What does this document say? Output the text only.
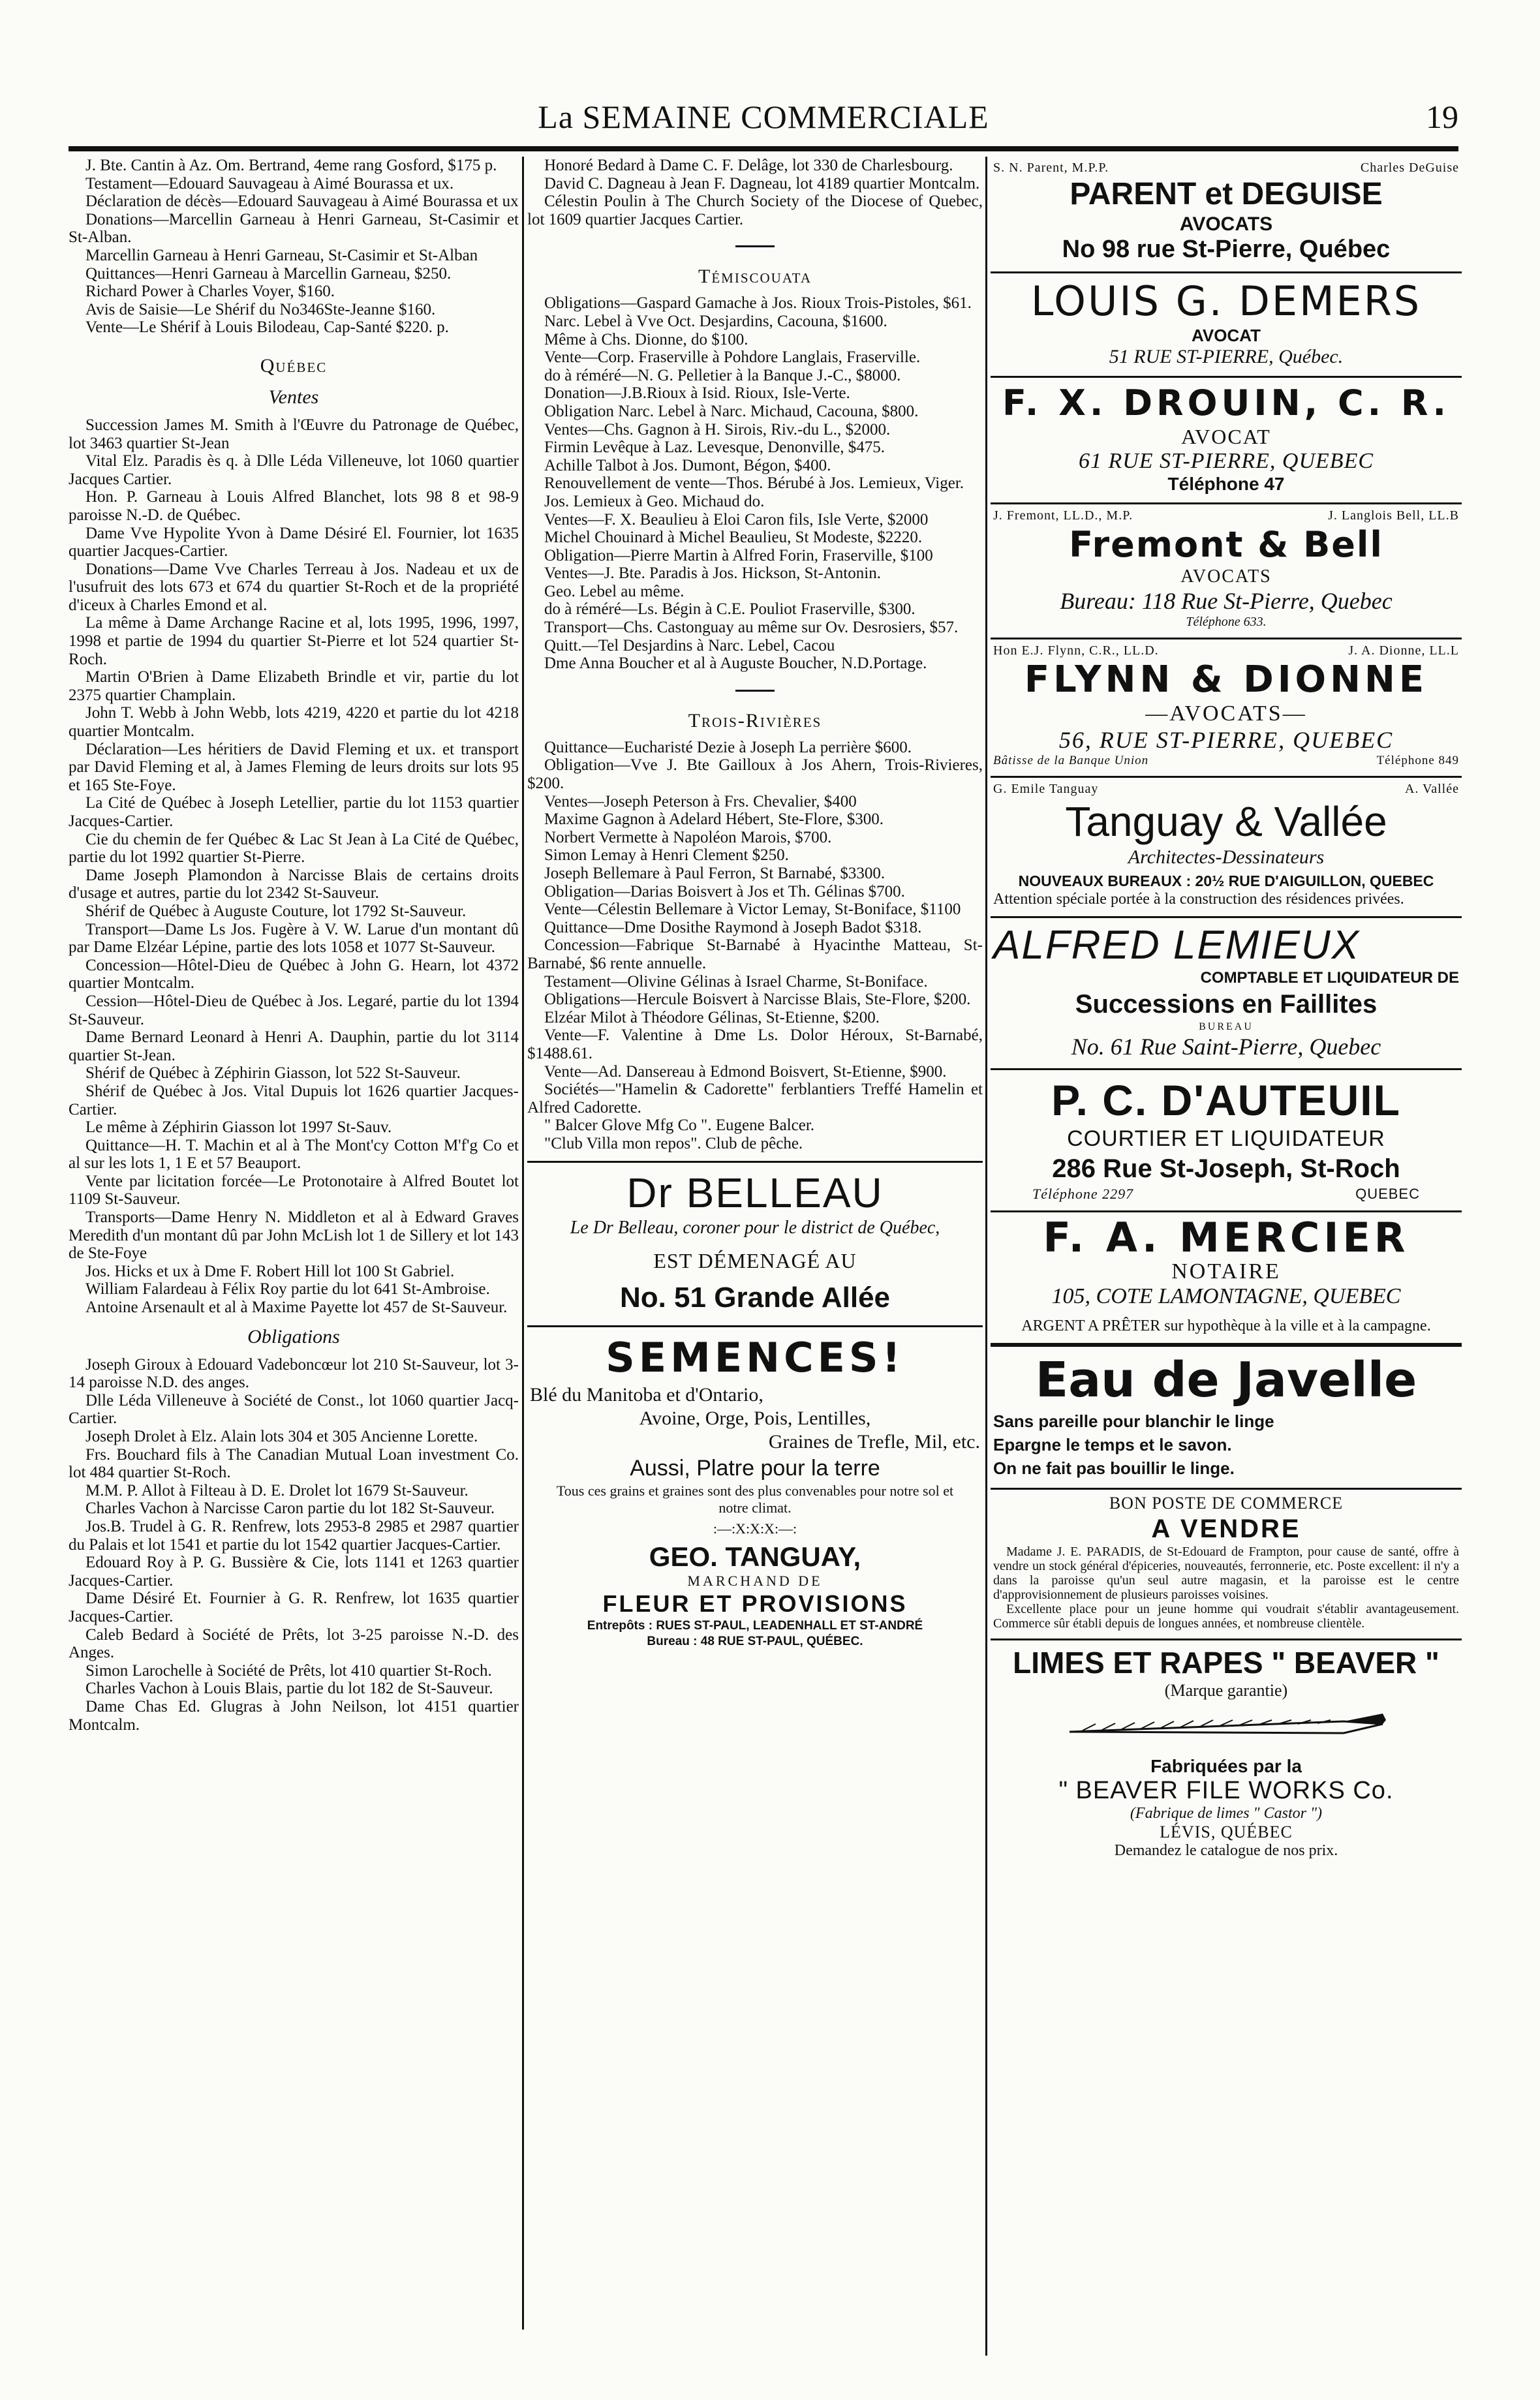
La SEMAINE COMMERCIALE	19

J. Bte. Cantin à Az. Om. Bertrand, 4eme rang Gosford, $175 p.

Testament—Edouard Sauvageau à Aimé Bourassa et ux.

Déclaration de décès—Edouard Sauvageau à Aimé Bourassa et ux

Donations—Marcellin Garneau à Henri Garneau, St-Casimir et St-Alban.

Marcellin Garneau à Henri Garneau, St-Casimir et St-Alban

Quittances—Henri Garneau à Marcellin Garneau, $250.

Richard Power à Charles Voyer, $160.

Avis de Saisie—Le Shérif du No346Ste-Jeanne $160.

Vente—Le Shérif à Louis Bilodeau, Cap-Santé $220. p.

Québec
Ventes

Succession James M. Smith à l'Œuvre du Patronage de Québec, lot 3463 quartier St-Jean

Vital Elz. Paradis ès q. à Dlle Léda Villeneuve, lot 1060 quartier Jacques Cartier.

Hon. P. Garneau à Louis Alfred Blanchet, lots 98 8 et 98-9 paroisse N.-D. de Québec.

Dame Vve Hypolite Yvon à Dame Désiré El. Fournier, lot 1635 quartier Jacques-Cartier.

Donations—Dame Vve Charles Terreau à Jos. Nadeau et ux de l'usufruit des lots 673 et 674 du quartier St-Roch et de la propriété d'iceux à Charles Emond et al.

La même à Dame Archange Racine et al, lots 1995, 1996, 1997, 1998 et partie de 1994 du quartier St-Pierre et lot 524 quartier St-Roch.

Martin O'Brien à Dame Elizabeth Brindle et vir, partie du lot 2375 quartier Champlain.

John T. Webb à John Webb, lots 4219, 4220 et partie du lot 4218 quartier Montcalm.

Déclaration—Les héritiers de David Fleming et ux. et transport par David Fleming et al, à James Fleming de leurs droits sur lots 95 et 165 Ste-Foye.

La Cité de Québec à Joseph Letellier, partie du lot 1153 quartier Jacques-Cartier.

Cie du chemin de fer Québec & Lac St Jean à La Cité de Québec, partie du lot 1992 quartier St-Pierre.

Dame Joseph Plamondon à Narcisse Blais de certains droits d'usage et autres, partie du lot 2342 St-Sauveur.

Shérif de Québec à Auguste Couture, lot 1792 St-Sauveur.

Transport—Dame Ls Jos. Fugère à V. W. Larue d'un montant dû par Dame Elzéar Lépine, partie des lots 1058 et 1077 St-Sauveur.

Concession—Hôtel-Dieu de Québec à John G. Hearn, lot 4372 quartier Montcalm.

Cession—Hôtel-Dieu de Québec à Jos. Legaré, partie du lot 1394 St-Sauveur.

Dame Bernard Leonard à Henri A. Dauphin, partie du lot 3114 quartier St-Jean.

Shérif de Québec à Zéphirin Giasson, lot 522 St-Sauveur.

Shérif de Québec à Jos. Vital Dupuis lot 1626 quartier Jacques-Cartier.

Le même à Zéphirin Giasson lot 1997 St-Sauv.

Quittance—H. T. Machin et al à The Mont'cy Cotton M'f'g Co et al sur les lots 1, 1 E et 57 Beauport.

Vente par licitation forcée—Le Protonotaire à Alfred Boutet lot 1109 St-Sauveur.

Transports—Dame Henry N. Middleton et al à Edward Graves Meredith d'un montant dû par John McLish lot 1 de Sillery et lot 143 de Ste-Foye

Jos. Hicks et ux à Dme F. Robert Hill lot 100 St Gabriel.

William Falardeau à Félix Roy partie du lot 641 St-Ambroise.

Antoine Arsenault et al à Maxime Payette lot 457 de St-Sauveur.

Obligations

Joseph Giroux à Edouard Vadeboncœur lot 210 St-Sauveur, lot 3-14 paroisse N.D. des anges.

Dlle Léda Villeneuve à Société de Const., lot 1060 quartier Jacq-Cartier.

Joseph Drolet à Elz. Alain lots 304 et 305 Ancienne Lorette.

Frs. Bouchard fils à The Canadian Mutual Loan investment Co. lot 484 quartier St-Roch.

M.M. P. Allot à Filteau à D. E. Drolet lot 1679 St-Sauveur.

Charles Vachon à Narcisse Caron partie du lot 182 St-Sauveur.

Jos.B. Trudel à G. R. Renfrew, lots 2953-8 2985 et 2987 quartier du Palais et lot 1541 et partie du lot 1542 quartier Jacques-Cartier.

Edouard Roy à P. G. Bussière & Cie, lots 1141 et 1263 quartier Jacques-Cartier.

Dame Désiré Et. Fournier à G. R. Renfrew, lot 1635 quartier Jacques-Cartier.

Caleb Bedard à Société de Prêts, lot 3-25 paroisse N.-D. des Anges.

Simon Larochelle à Société de Prêts, lot 410 quartier St-Roch.

Charles Vachon à Louis Blais, partie du lot 182 de St-Sauveur.

Dame Chas Ed. Glugras à John Neilson, lot 4151 quartier Montcalm.

Honoré Bedard à Dame C. F. Delâge, lot 330 de Charlesbourg.

David C. Dagneau à Jean F. Dagneau, lot 4189 quartier Montcalm.

Célestin Poulin à The Church Society of the Diocese of Quebec, lot 1609 quartier Jacques Cartier.

Témiscouata

Obligations—Gaspard Gamache à Jos. Rioux Trois-Pistoles, $61.

Narc. Lebel à Vve Oct. Desjardins, Cacouna, $1600.

Même à Chs. Dionne, do $100.

Vente—Corp. Fraserville à Pohdore Langlais, Fraserville.

do à réméré—N. G. Pelletier à la Banque J.-C., $8000.

Donation—J.B.Rioux à Isid. Rioux, Isle-Verte.

Obligation Narc. Lebel à Narc. Michaud, Cacouna, $800.

Ventes—Chs. Gagnon à H. Sirois, Riv.-du L., $2000.

Firmin Levêque à Laz. Levesque, Denonville, $475.

Achille Talbot à Jos. Dumont, Bégon, $400.

Renouvellement de vente—Thos. Bérubé à Jos. Lemieux, Viger.

Jos. Lemieux à Geo. Michaud do.

Ventes—F. X. Beaulieu à Eloi Caron fils, Isle Verte, $2000

Michel Chouinard à Michel Beaulieu, St Modeste, $2220.

Obligation—Pierre Martin à Alfred Forin, Fraserville, $100

Ventes—J. Bte. Paradis à Jos. Hickson, St-Antonin.

Geo. Lebel au même.

do à réméré—Ls. Bégin à C.E. Pouliot Fraserville, $300.

Transport—Chs. Castonguay au même sur Ov. Desrosiers, $57.

Quitt.—Tel Desjardins à Narc. Lebel, Cacou

Dme Anna Boucher et al à Auguste Boucher, N.D.Portage.

Trois-Rivières

Quittance—Eucharisté Dezie à Joseph La perrière $600.

Obligation—Vve J. Bte Gailloux à Jos Ahern, Trois-Rivieres, $200.

Ventes—Joseph Peterson à Frs. Chevalier, $400

Maxime Gagnon à Adelard Hébert, Ste-Flore, $300.

Norbert Vermette à Napoléon Marois, $700.

Simon Lemay à Henri Clement $250.

Joseph Bellemare à Paul Ferron, St Barnabé, $3300.

Obligation—Darias Boisvert à Jos et Th. Gélinas $700.

Vente—Célestin Bellemare à Victor Lemay, St-Boniface, $1100

Quittance—Dme Dosithe Raymond à Joseph Badot $318.

Concession—Fabrique St-Barnabé à Hyacinthe Matteau, St-Barnabé, $6 rente annuelle.

Testament—Olivine Gélinas à Israel Charme, St-Boniface.

Obligations—Hercule Boisvert à Narcisse Blais, Ste-Flore, $200.

Elzéar Milot à Théodore Gélinas, St-Etienne, $200.

Vente—F. Valentine à Dme Ls. Dolor Héroux, St-Barnabé, $1488.61.

Vente—Ad. Dansereau à Edmond Boisvert, St-Etienne, $900.

Sociétés—"Hamelin & Cadorette" ferblantiers Treffé Hamelin et Alfred Cadorette.

" Balcer Glove Mfg Co ". Eugene Balcer.

"Club Villa mon repos". Club de pêche.

Dr BELLEAU
Le Dr Belleau, coroner pour le district de Québec,
EST DÉMENAGÉ AU
No. 51 Grande Allée
SEMENCES!
Blé du Manitoba et d'Ontario,
Avoine, Orge, Pois, Lentilles,
Graines de Trefle, Mil, etc.
Aussi, Platre pour la terre
Tous ces grains et graines sont des plus convenables pour notre sol et notre climat.
:—:X:X:X:—:
GEO. TANGUAY,
MARCHAND DE
FLEUR ET PROVISIONS
Entrepôts : RUES ST-PAUL, LEADENHALL ET ST-ANDRÉ
Bureau : 48 RUE ST-PAUL, QUÉBEC.
S. N. Parent, M.P.P.	Charles DeGuise
PARENT et DEGUISE
AVOCATS
No 98 rue St-Pierre, Québec
LOUIS G. DEMERS
AVOCAT
51 RUE ST-PIERRE, Québec.
F. X. DROUIN, C. R.
AVOCAT
61 RUE ST-PIERRE, QUEBEC
Téléphone 47
J. Fremont, LL.D., M.P.	J. Langlois Bell, LL.B
Fremont & Bell
AVOCATS
Bureau: 118 Rue St-Pierre, Quebec
Téléphone 633.
Hon E.J. Flynn, C.R., LL.D.	J. A. Dionne, LL.L
FLYNN & DIONNE
—AVOCATS—
56, RUE ST-PIERRE, QUEBEC
Bâtisse de la Banque Union	Téléphone 849
G. Emile Tanguay	A. Vallée
Tanguay & Vallée
Architectes-Dessinateurs
NOUVEAUX BUREAUX : 20½ RUE D'AIGUILLON, QUEBEC
Attention spéciale portée à la construction des résidences privées.
ALFRED LEMIEUX
COMPTABLE ET LIQUIDATEUR DE
Successions en Faillites
BUREAU
No. 61 Rue Saint-Pierre, Quebec
P. C. D'AUTEUIL
COURTIER ET LIQUIDATEUR
286 Rue St-Joseph, St-Roch
Téléphone 2297	QUEBEC
F. A. MERCIER
NOTAIRE
105, COTE LAMONTAGNE, QUEBEC
ARGENT A PRÊTER sur hypothèque à la ville et à la campagne.
Eau de Javelle
Sans pareille pour blanchir le linge
Epargne le temps et le savon.
On ne fait pas bouillir le linge.
BON POSTE DE COMMERCE
A VENDRE
Madame J. E. PARADIS, de St-Edouard de Frampton, pour cause de santé, offre à vendre un stock général d'épiceries, nouveautés, ferronnerie, etc. Poste excellent: il n'y a dans la paroisse qu'un seul autre magasin, et la paroisse est le centre d'approvisionnement de plusieurs paroisses voisines.
Excellente place pour un jeune homme qui voudrait s'établir avantageusement. Commerce sûr établi depuis de longues années, et nombreuse clientèle.
LIMES ET RAPES " BEAVER "
(Marque garantie)
Fabriquées par la
" BEAVER FILE WORKS Co.
(Fabrique de limes " Castor ")
LÉVIS, QUÉBEC
Demandez le catalogue de nos prix.
